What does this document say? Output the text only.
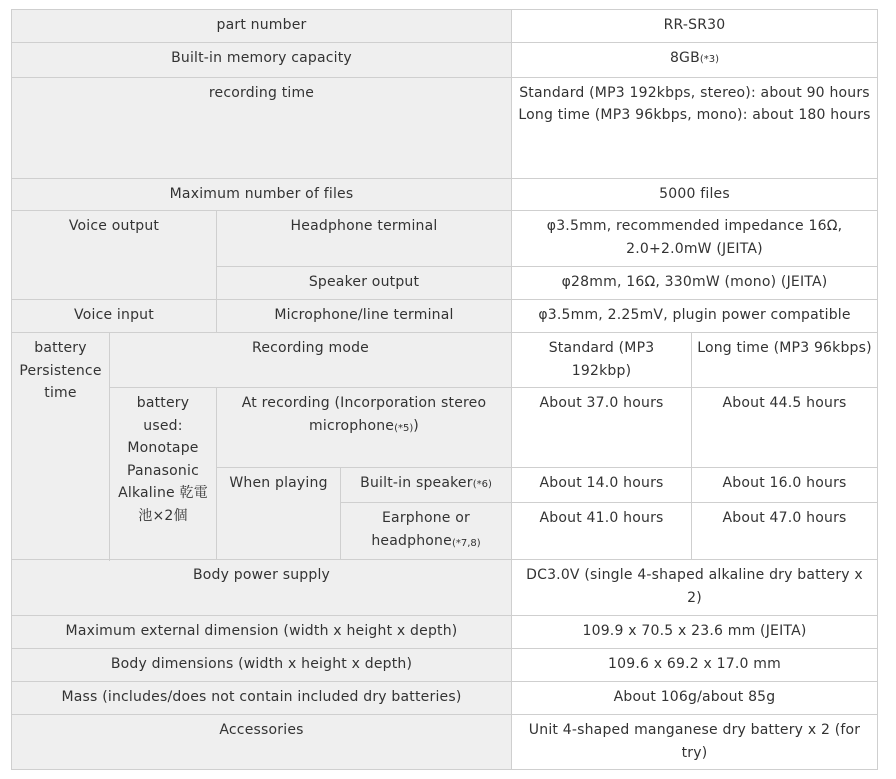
part number				RR-SR30	
Built-in memory capacity				8GB(*3)	
recording time				Standard (MP3 192kbps, stereo): about 90 hours
Long time (MP3 96kbps, mono): about 180 hours	

Maximum number of files				5000 files	
Voice output		Headphone terminal		φ3.5mm, recommended impedance 16Ω, 2.0+2.0mW (JEITA)	
		Speaker output		φ28mm, 16Ω, 330mW (mono) (JEITA)	
Voice input		Microphone/line terminal		φ3.5mm, 2.25mV, plugin power compatible	
battery Persistence time	Recording mode			Standard (MP3 192kbp)	Long time (MP3 96kbps)
	battery used: Monotape Panasonic Alkaline 乾電池×2個	At recording (Incorporation stereo microphone$^{(*5)}$)		About 37.0 hours	About 44.5 hours
		When playing	Built-in speaker(*6)	About 14.0 hours	About 16.0 hours
			Earphone or headphone$^{(*7,8)}$	About 41.0 hours	About 47.0 hours

Body power supply				DC3.0V (single 4-shaped alkaline dry battery x 2)	
Maximum external dimension (width x height x depth)				109.9 x 70.5 x 23.6 mm (JEITA)	
Body dimensions (width x height x depth)				109.6 x 69.2 x 17.0 mm	
Mass (includes/does not contain included dry batteries)				About 106g/about 85g	
Accessories				Unit 4-shaped manganese dry battery x 2 (for try)	
